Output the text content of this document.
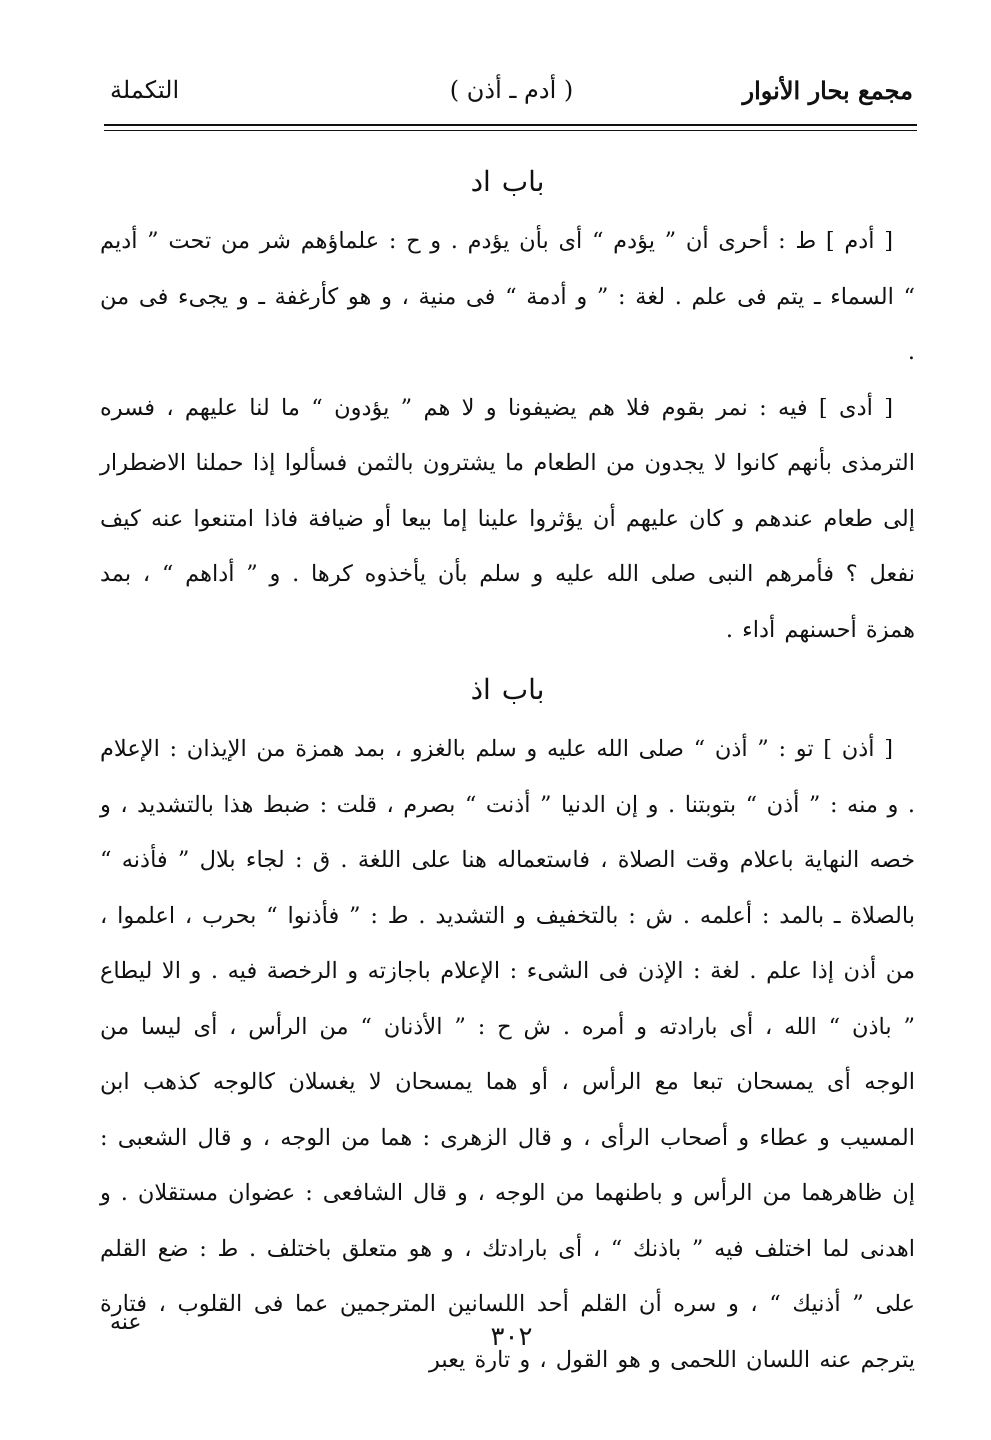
مجمع بحار الأنوار
( أدم ـ أذن )
التكملة

باب اد

[ أدم ] ط : أحرى أن ” يؤدم “ أى بأن يؤدم . و ح : علماؤهم شر من تحت ” أديم “ السماء ـ يتم فى علم . لغة : ” و أدمة “ فى منية ، و هو كأرغفة ـ و يجىء فى من .

[ أدى ] فيه : نمر بقوم فلا هم يضيفونا و لا هم ” يؤدون “ ما لنا عليهم ، فسره الترمذى بأنهم كانوا لا يجدون من الطعام ما يشترون بالثمن فسألوا إذا حملنا الاضطرار إلى طعام عندهم و كان عليهم أن يؤثروا علينا إما بيعا أو ضيافة فاذا امتنعوا عنه كيف نفعل ؟ فأمرهم النبى صلى الله عليه و سلم بأن يأخذوه كرها . و ” أداهم “ ، بمد همزة أحسنهم أداء .

باب اذ

[ أذن ] تو : ” أذن “ صلى الله عليه و سلم بالغزو ، بمد همزة من الإيذان : الإعلام . و منه : ” أذن “ بتوبتنا . و إن الدنيا ” أذنت “ بصرم ، قلت : ضبط هذا بالتشديد ، و خصه النهاية باعلام وقت الصلاة ، فاستعماله هنا على اللغة . ق : لجاء بلال ” فأذنه “ بالصلاة ـ بالمد : أعلمه . ش : بالتخفيف و التشديد . ط : ” فأذنوا “ بحرب ، اعلموا ، من أذن إذا علم . لغة : الإذن فى الشىء : الإعلام باجازته و الرخصة فيه . و الا ليطاع ” باذن “ الله ، أى بارادته و أمره . ش ح : ” الأذنان “ من الرأس ، أى ليسا من الوجه أى يمسحان تبعا مع الرأس ، أو هما يمسحان لا يغسلان كالوجه كذهب ابن المسيب و عطاء و أصحاب الرأى ، و قال الزهرى : هما من الوجه ، و قال الشعبى : إن ظاهرهما من الرأس و باطنهما من الوجه ، و قال الشافعى : عضوان مستقلان . و اهدنى لما اختلف فيه ” باذنك “ ، أى بارادتك ، و هو متعلق باختلف . ط : ضع القلم على ” أذنيك “ ، و سره أن القلم أحد اللسانين المترجمين عما فى القلوب ، فتارة يترجم عنه اللسان اللحمى و هو القول ، و تارة يعبر

عنه	٣٠٢
